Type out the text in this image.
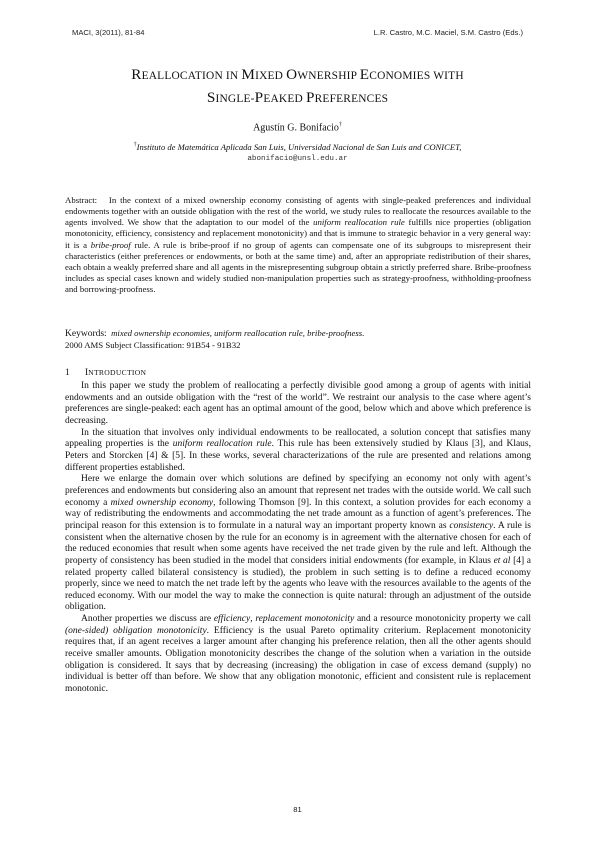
MACI, 3(2011), 81-84	L.R. Castro, M.C. Maciel, S.M. Castro (Eds.)
REALLOCATION IN MIXED OWNERSHIP ECONOMIES WITH
SINGLE-PEAKED PREFERENCES
Agustín G. Bonifacio†
†Instituto de Matemática Aplicada San Luis, Universidad Nacional de San Luis and CONICET,
abonifacio@unsl.edu.ar
Abstract: In the context of a mixed ownership economy consisting of agents with single-peaked preferences and individual endowments together with an outside obligation with the rest of the world, we study rules to reallocate the resources available to the agents involved. We show that the adaptation to our model of the uniform reallocation rule fulfills nice properties (obligation monotonicity, efficiency, consistency and replacement monotonicity) and that is immune to strategic behavior in a very general way: it is a bribe-proof rule. A rule is bribe-proof if no group of agents can compensate one of its subgroups to misrepresent their characteristics (either preferences or endowments, or both at the same time) and, after an appropriate redistribution of their shares, each obtain a weakly preferred share and all agents in the misrepresenting subgroup obtain a strictly preferred share. Bribe-proofness includes as special cases known and widely studied non-manipulation properties such as strategy-proofness, withholding-proofness and borrowing-proofness.
Keywords: mixed ownership economies, uniform reallocation rule, bribe-proofness.
2000 AMS Subject Classification: 91B54 - 91B32
1 INTRODUCTION

In this paper we study the problem of reallocating a perfectly divisible good among a group of agents with initial endowments and an outside obligation with the “rest of the world”. We restraint our analysis to the case where agent’s preferences are single-peaked: each agent has an optimal amount of the good, below which and above which preference is decreasing.

In the situation that involves only individual endowments to be reallocated, a solution concept that satisfies many appealing properties is the uniform reallocation rule. This rule has been extensively studied by Klaus [3], and Klaus, Peters and Storcken [4] & [5]. In these works, several characterizations of the rule are presented and relations among different properties established.

Here we enlarge the domain over which solutions are defined by specifying an economy not only with agent’s preferences and endowments but considering also an amount that represent net trades with the outside world. We call such economy a mixed ownership economy, following Thomson [9]. In this context, a solution provides for each economy a way of redistributing the endowments and accommodating the net trade amount as a function of agent’s preferences. The principal reason for this extension is to formulate in a natural way an important property known as consistency. A rule is consistent when the alternative chosen by the rule for an economy is in agreement with the alternative chosen for each of the reduced economies that result when some agents have received the net trade given by the rule and left. Although the property of consistency has been studied in the model that considers initial endowments (for example, in Klaus et al [4] a related property called bilateral consistency is studied), the problem in such setting is to define a reduced economy properly, since we need to match the net trade left by the agents who leave with the resources available to the agents of the reduced economy. With our model the way to make the connection is quite natural: through an adjustment of the outside obligation.

Another properties we discuss are efficiency, replacement monotonicity and a resource monotonicity property we call (one-sided) obligation monotonicity. Efficiency is the usual Pareto optimality criterium. Replacement monotonicity requires that, if an agent receives a larger amount after changing his preference relation, then all the other agents should receive smaller amounts. Obligation monotonicity describes the change of the solution when a variation in the outside obligation is considered. It says that by decreasing (increasing) the obligation in case of excess demand (supply) no individual is better off than before. We show that any obligation monotonic, efficient and consistent rule is replacement monotonic.

81
